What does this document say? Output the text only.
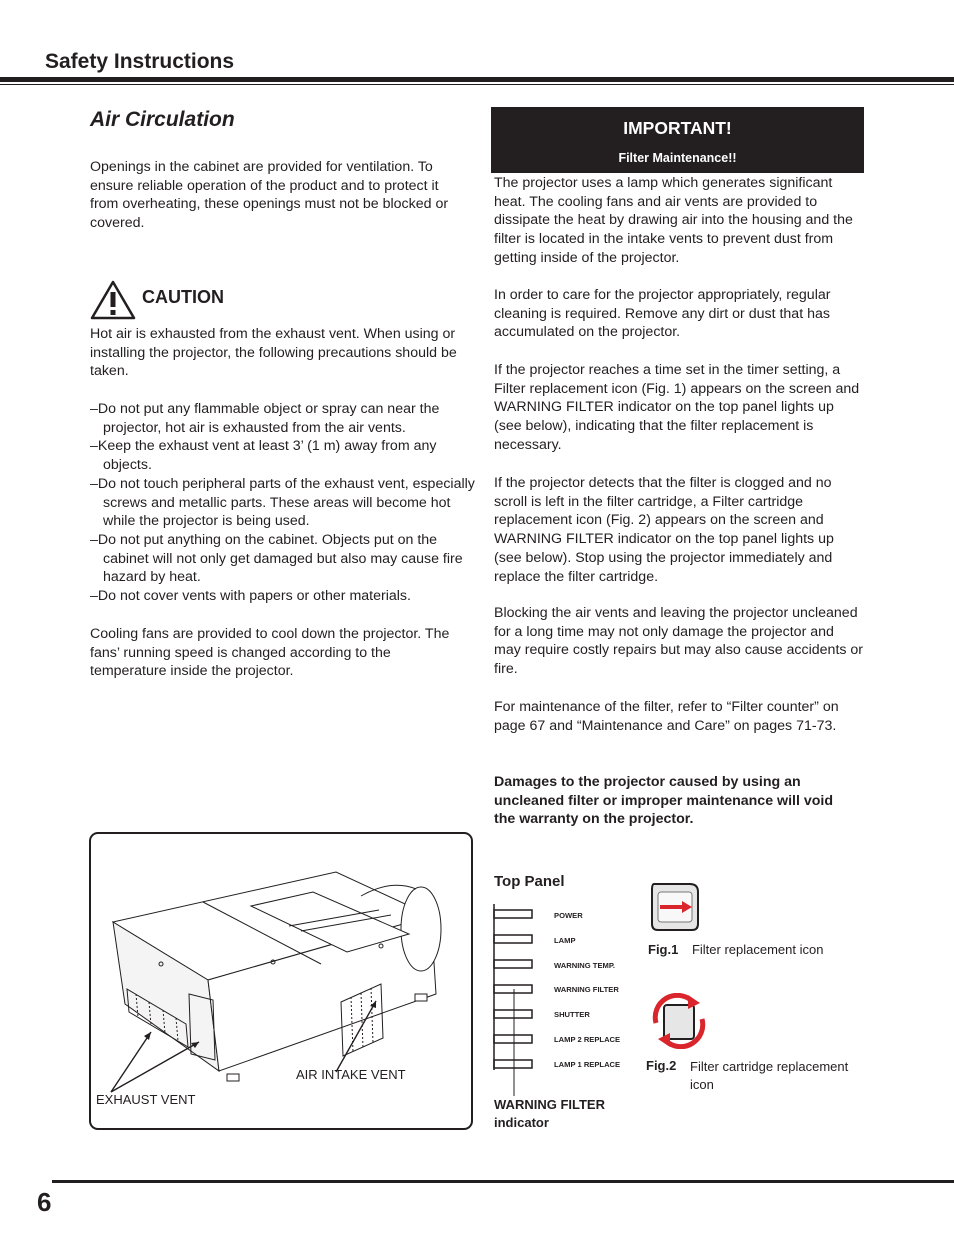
Safety Instructions
Air Circulation

Openings in the cabinet are provided for ventilation. To ensure reliable operation of the product and to protect it from overheating, these openings must not be blocked or covered.

CAUTION

Hot air is exhausted from the exhaust vent. When using or installing the projector, the following precautions should be taken.

–Do not put any flammable object or spray can near the projector, hot air is exhausted from the air vents.
–Keep the exhaust vent at least 3’ (1 m) away from any objects.
–Do not touch peripheral parts of the exhaust vent, especially screws and metallic parts. These areas will become hot while the projector is being used.
–Do not put anything on the cabinet. Objects put on the cabinet will not only get damaged but also may cause fire hazard by heat.
–Do not cover vents with papers or other materials.

Cooling fans are provided to cool down the projector. The fans’ running speed is changed according to the temperature inside the projector.

AIR INTAKE VENT
EXHAUST VENT
IMPORTANT!
Filter Maintenance!!

The projector uses a lamp which generates significant heat. The cooling fans and air vents are provided to dissipate the heat by drawing air into the housing and the filter is located in the intake vents to prevent dust from getting inside of the projector.

In order to care for the projector appropriately, regular cleaning is required. Remove any dirt or dust that has accumulated on the projector.

If the projector reaches a time set in the timer setting, a Filter replacement icon (Fig. 1) appears on the screen and WARNING FILTER indicator on the top panel lights up (see below), indicating that the filter replacement is necessary.

If the projector detects that the filter is clogged and no scroll is left in the filter cartridge, a Filter cartridge replacement icon (Fig. 2) appears on the screen and WARNING FILTER indicator on the top panel lights up (see below). Stop using the projector immediately and replace the filter cartridge.

Blocking the air vents and leaving the projector uncleaned for a long time may not only damage the projector and may require costly repairs but may also cause accidents or fire.

For maintenance of the filter, refer to “Filter counter” on page 67 and “Maintenance and Care” on pages 71-73.

Damages to the projector caused by using an uncleaned filter or improper maintenance will void the warranty on the projector.

Top Panel
POWER
LAMP
WARNING TEMP.
WARNING FILTER
SHUTTER
LAMP 2 REPLACE
LAMP 1 REPLACE
WARNING FILTER
indicator
Fig.1 Filter replacement icon
Fig.2 Filter cartridge replacement
icon
6
